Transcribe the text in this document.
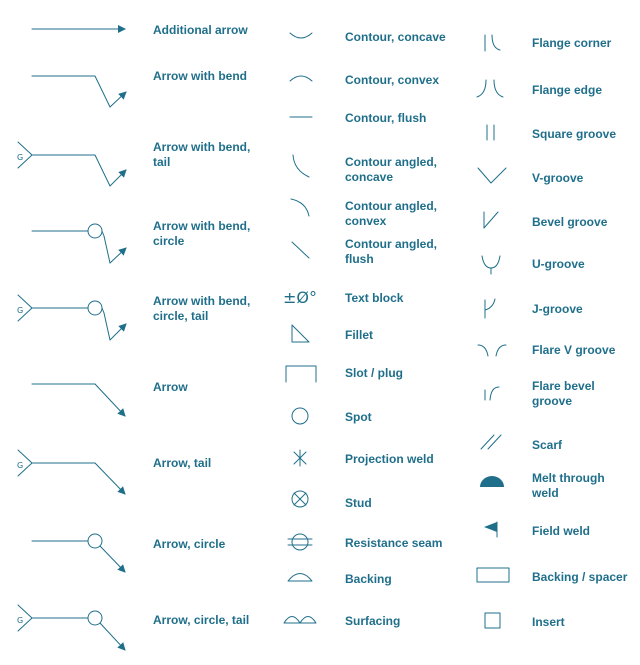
G
G
G
G
±Ø°
Additional arrow
Arrow with bend
Arrow with bend,
tail
Arrow with bend,
circle
Arrow with bend,
circle, tail
Arrow
Arrow, tail
Arrow, circle
Arrow, circle, tail
Contour, concave
Contour, convex
Contour, flush
Contour angled,
concave
Contour angled,
convex
Contour angled,
flush
Text block
Fillet
Slot / plug
Spot
Projection weld
Stud
Resistance seam
Backing
Surfacing
Flange corner
Flange edge
Square groove
V-groove
Bevel groove
U-groove
J-groove
Flare V groove
Flare bevel
groove
Scarf
Melt through
weld
Field weld
Backing / spacer
Insert
